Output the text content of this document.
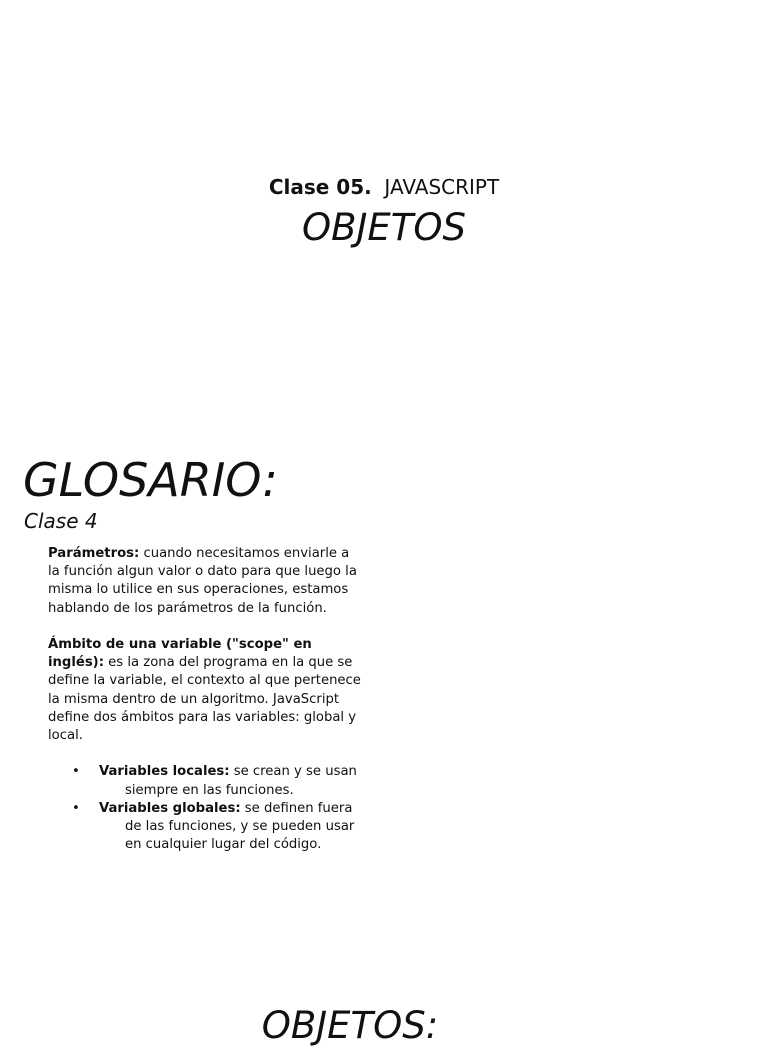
Clase 05. JAVASCRIPT
OBJETOS
GLOSARIO:
Clase 4

Parámetros: cuando necesitamos enviarle a
la función algun valor o dato para que luego la
misma lo utilice en sus operaciones, estamos
hablando de los parámetros de la función.

Ámbito de una variable ("scope" en
inglés): es la zona del programa en la que se
define la variable, el contexto al que pertenece
la misma dentro de un algoritmo. JavaScript
define dos ámbitos para las variables: global y
local.

• Variables locales: se crean y se usan
siempre en las funciones.
• Variables globales: se definen fuera
de las funciones, y se pueden usar
en cualquier lugar del código.
OBJETOS:
